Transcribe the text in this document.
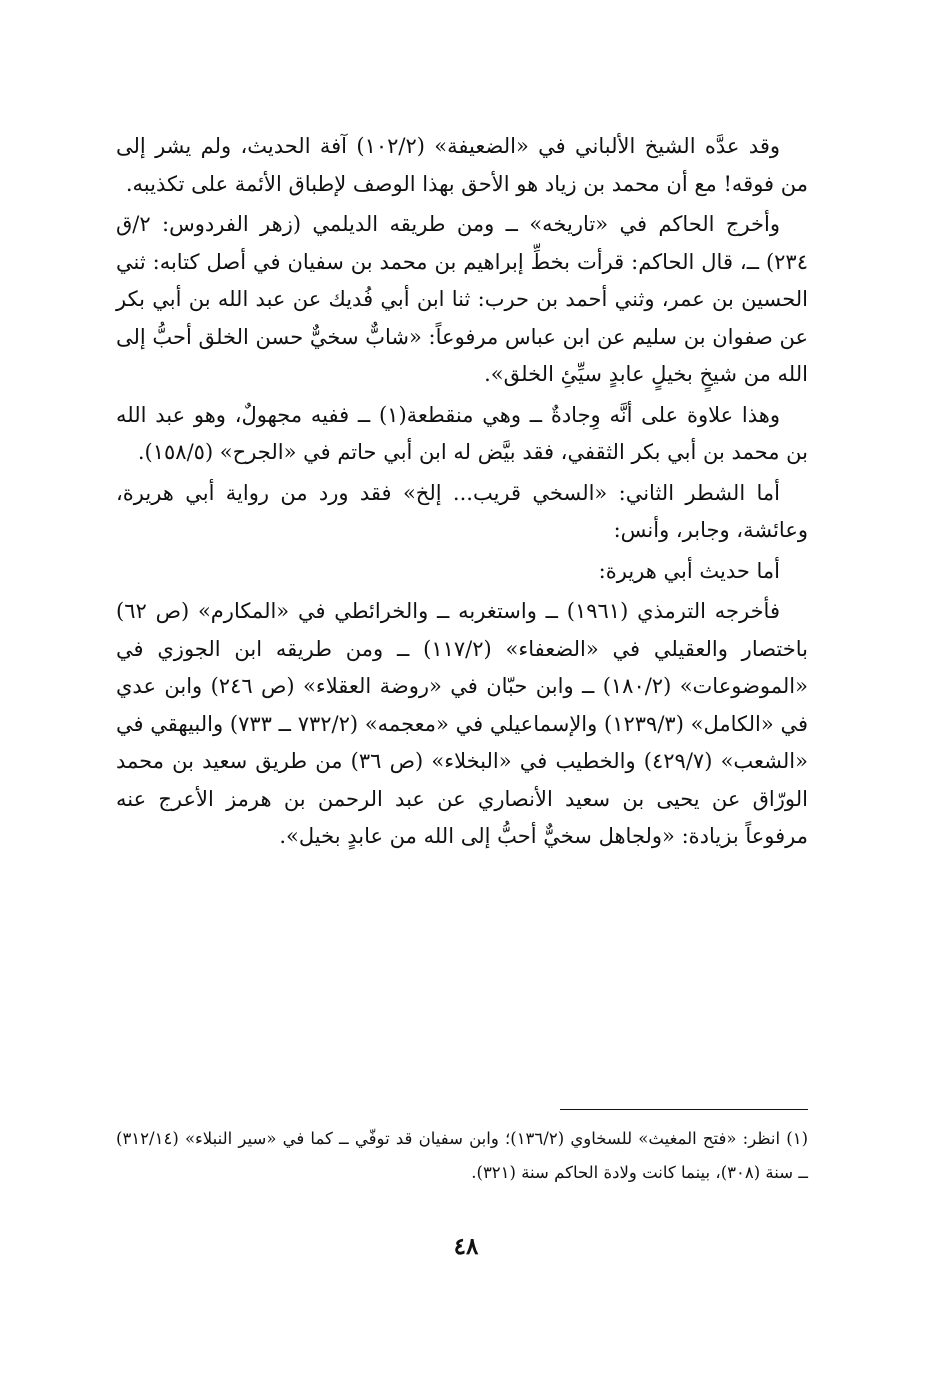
وقد عدَّه الشيخ الألباني في «الضعيفة» (١٠٢/٢) آفة الحديث، ولم يشر إلى من فوقه! مع أن محمد بن زياد هو الأحق بهذا الوصف لإطباق الأئمة على تكذيبه.

وأخرج الحاكم في «تاريخه» ــ ومن طريقه الديلمي (زهر الفردوس: ٢/ق ٢٣٤) ــ، قال الحاكم: قرأت بخطِّ إبراهيم بن محمد بن سفيان في أصل كتابه: ثني الحسين بن عمر، وثني أحمد بن حرب: ثنا ابن أبي فُديك عن عبد الله بن أبي بكر عن صفوان بن سليم عن ابن عباس مرفوعاً: «شابٌّ سخيٌّ حسن الخلق أحبُّ إلى الله من شيخٍ بخيلٍ عابدٍ سيِّئِ الخلق».

وهذا علاوة على أنَّه وِجادةٌ ــ وهي منقطعة(١) ــ ففيه مجهولٌ، وهو عبد الله بن محمد بن أبي بكر الثقفي، فقد بيَّض له ابن أبي حاتم في «الجرح» (١٥٨/٥).

أما الشطر الثاني: «السخي قريب... إلخ» فقد ورد من رواية أبي هريرة، وعائشة، وجابر، وأنس:

أما حديث أبي هريرة:

فأخرجه الترمذي (١٩٦١) ــ واستغربه ــ والخرائطي في «المكارم» (ص ٦٢) باختصار والعقيلي في «الضعفاء» (١١٧/٢) ــ ومن طريقه ابن الجوزي في «الموضوعات» (١٨٠/٢) ــ وابن حبّان في «روضة العقلاء» (ص ٢٤٦) وابن عدي في «الكامل» (١٢٣٩/٣) والإسماعيلي في «معجمه» (٧٣٢/٢ ــ ٧٣٣) والبيهقي في «الشعب» (٤٢٩/٧) والخطيب في «البخلاء» (ص ٣٦) من طريق سعيد بن محمد الورّاق عن يحيى بن سعيد الأنصاري عن عبد الرحمن بن هرمز الأعرج عنه مرفوعاً بزيادة: «ولجاهل سخيٌّ أحبُّ إلى الله من عابدٍ بخيل».

(١) انظر: «فتح المغيث» للسخاوي (١٣٦/٢)؛ وابن سفيان قد توفّي ــ كما في «سير النبلاء» (٣١٢/١٤) ــ سنة (٣٠٨)، بينما كانت ولادة الحاكم سنة (٣٢١).

٤٨
